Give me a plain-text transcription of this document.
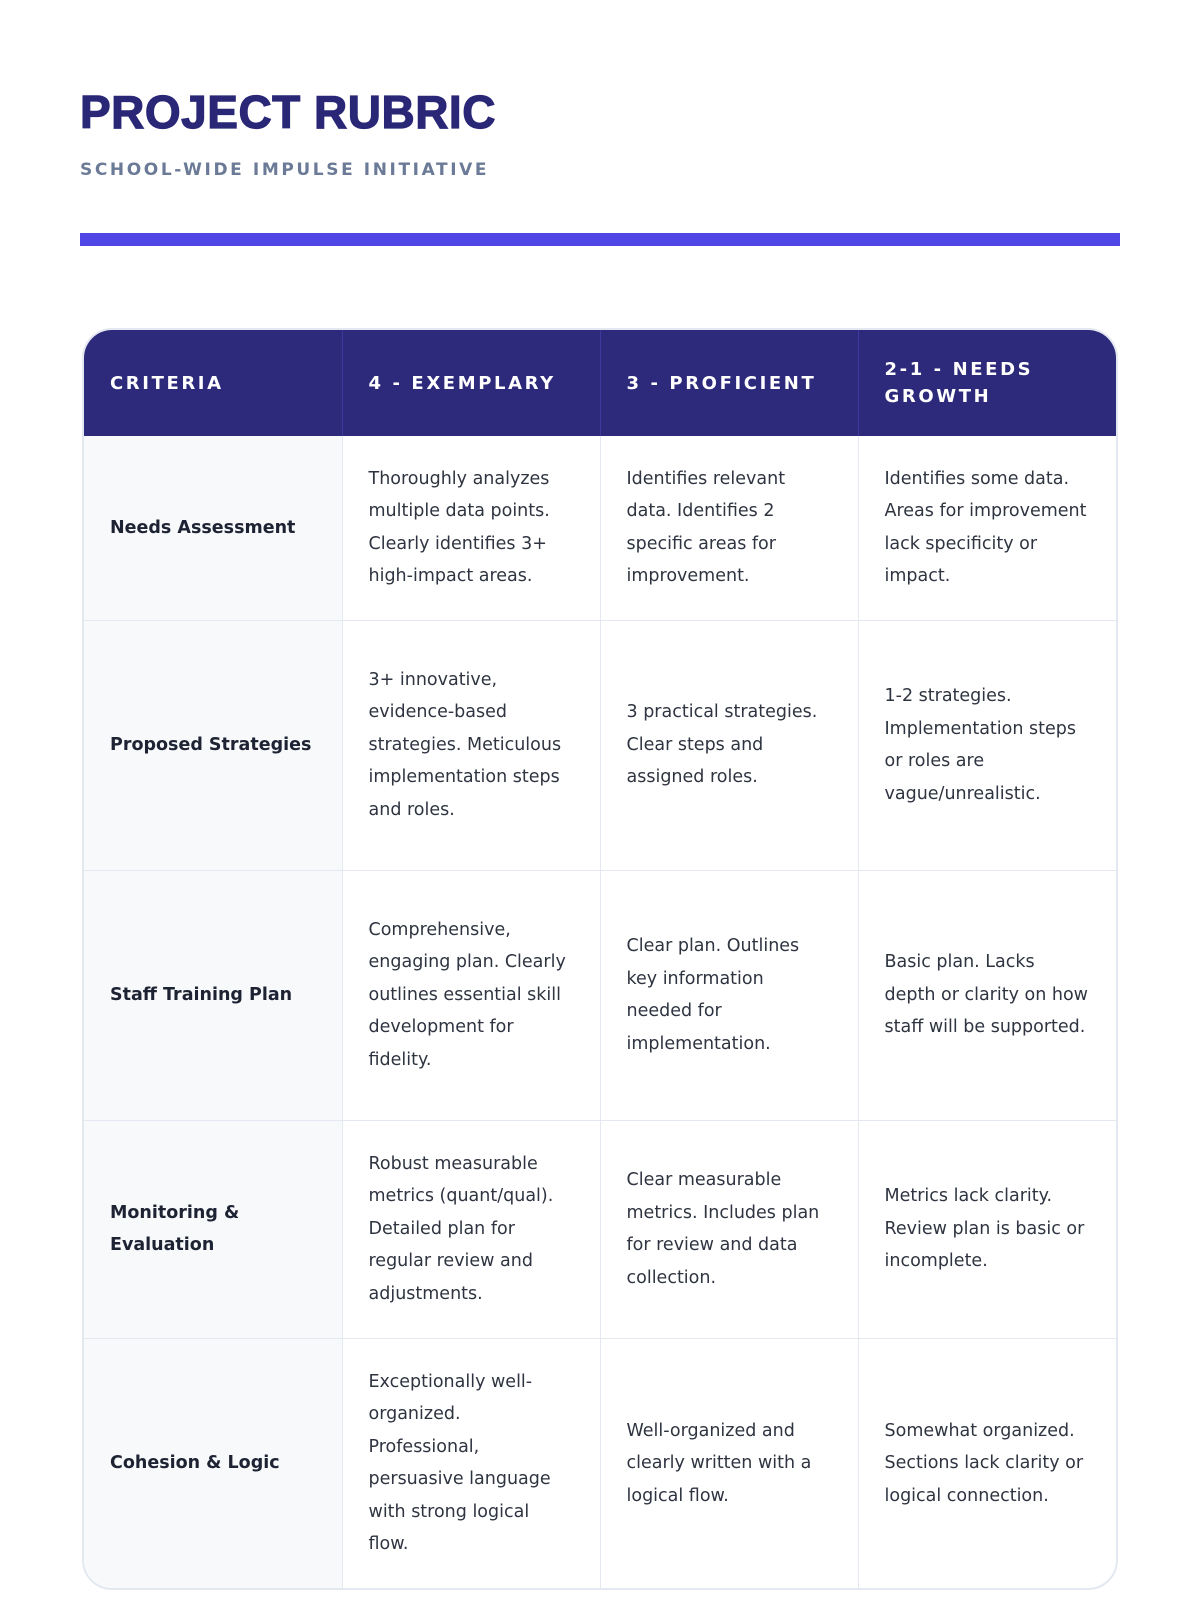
PROJECT RUBRIC
SCHOOL-WIDE IMPULSE INITIATIVE
CRITERIA	4 - EXEMPLARY	3 - PROFICIENT	2-1 - NEEDS GROWTH
Needs Assessment	Thoroughly analyzes multiple data points. Clearly identifies 3+ high-impact areas.	Identifies relevant data. Identifies 2 specific areas for improvement.	Identifies some data. Areas for improvement lack specificity or impact.
Proposed Strategies	3+ innovative, evidence-based strategies. Meticulous implementation steps and roles.	3 practical strategies. Clear steps and assigned roles.	1-2 strategies. Implementation steps or roles are vague/unrealistic.
Staff Training Plan	Comprehensive, engaging plan. Clearly outlines essential skill development for fidelity.	Clear plan. Outlines key information needed for implementation.	Basic plan. Lacks depth or clarity on how staff will be supported.
Monitoring & Evaluation	Robust measurable metrics (quant/qual). Detailed plan for regular review and adjustments.	Clear measurable metrics. Includes plan for review and data collection.	Metrics lack clarity. Review plan is basic or incomplete.
Cohesion & Logic	Exceptionally well-organized. Professional, persuasive language with strong logical flow.	Well-organized and clearly written with a logical flow.	Somewhat organized. Sections lack clarity or logical connection.
